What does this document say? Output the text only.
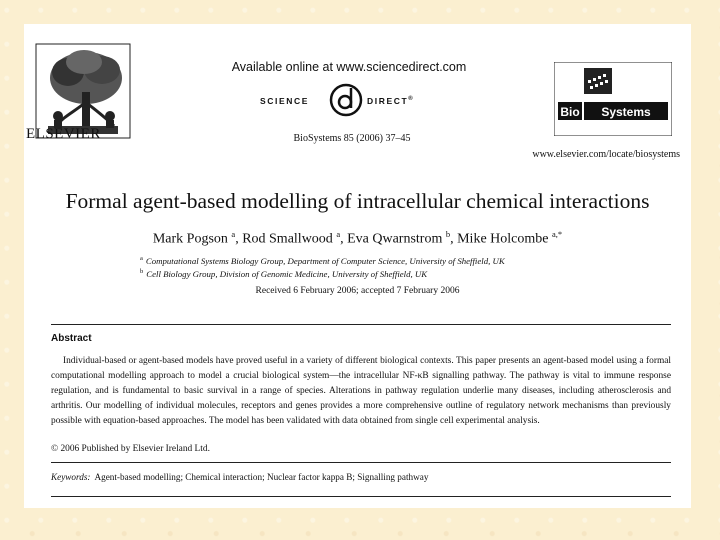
ELSEVIER
Available online at www.sciencedirect.com
SCIENCE	DIRECT®
BioSystems 85 (2006) 37–45
Bio Systems
www.elsevier.com/locate/biosystems
Formal agent-based modelling of intracellular chemical interactions
Mark Pogson $^a$, Rod Smallwood $^a$, Eva Qwarnstrom $^b$, Mike Holcombe $^{a,*}$
$^a$ Computational Systems Biology Group, Department of Computer Science, University of Sheffield, UK
$^b$ Cell Biology Group, Division of Genomic Medicine, University of Sheffield, UK
Received 6 February 2006; accepted 7 February 2006
Abstract
Individual-based or agent-based models have proved useful in a variety of different biological contexts. This paper presents an agent-based model using a formal computational modelling approach to model a crucial biological system—the intracellular NF-κB signalling pathway. The pathway is vital to immune response regulation, and is fundamental to basic survival in a range of species. Alterations in pathway regulation underlie many diseases, including atherosclerosis and arthritis. Our modelling of individual molecules, receptors and genes provides a more comprehensive outline of regulatory network mechanisms than previously possible with equation-based approaches. The model has been validated with data obtained from single cell experimental analysis.
© 2006 Published by Elsevier Ireland Ltd.
Keywords: Agent-based modelling; Chemical interaction; Nuclear factor kappa B; Signalling pathway
